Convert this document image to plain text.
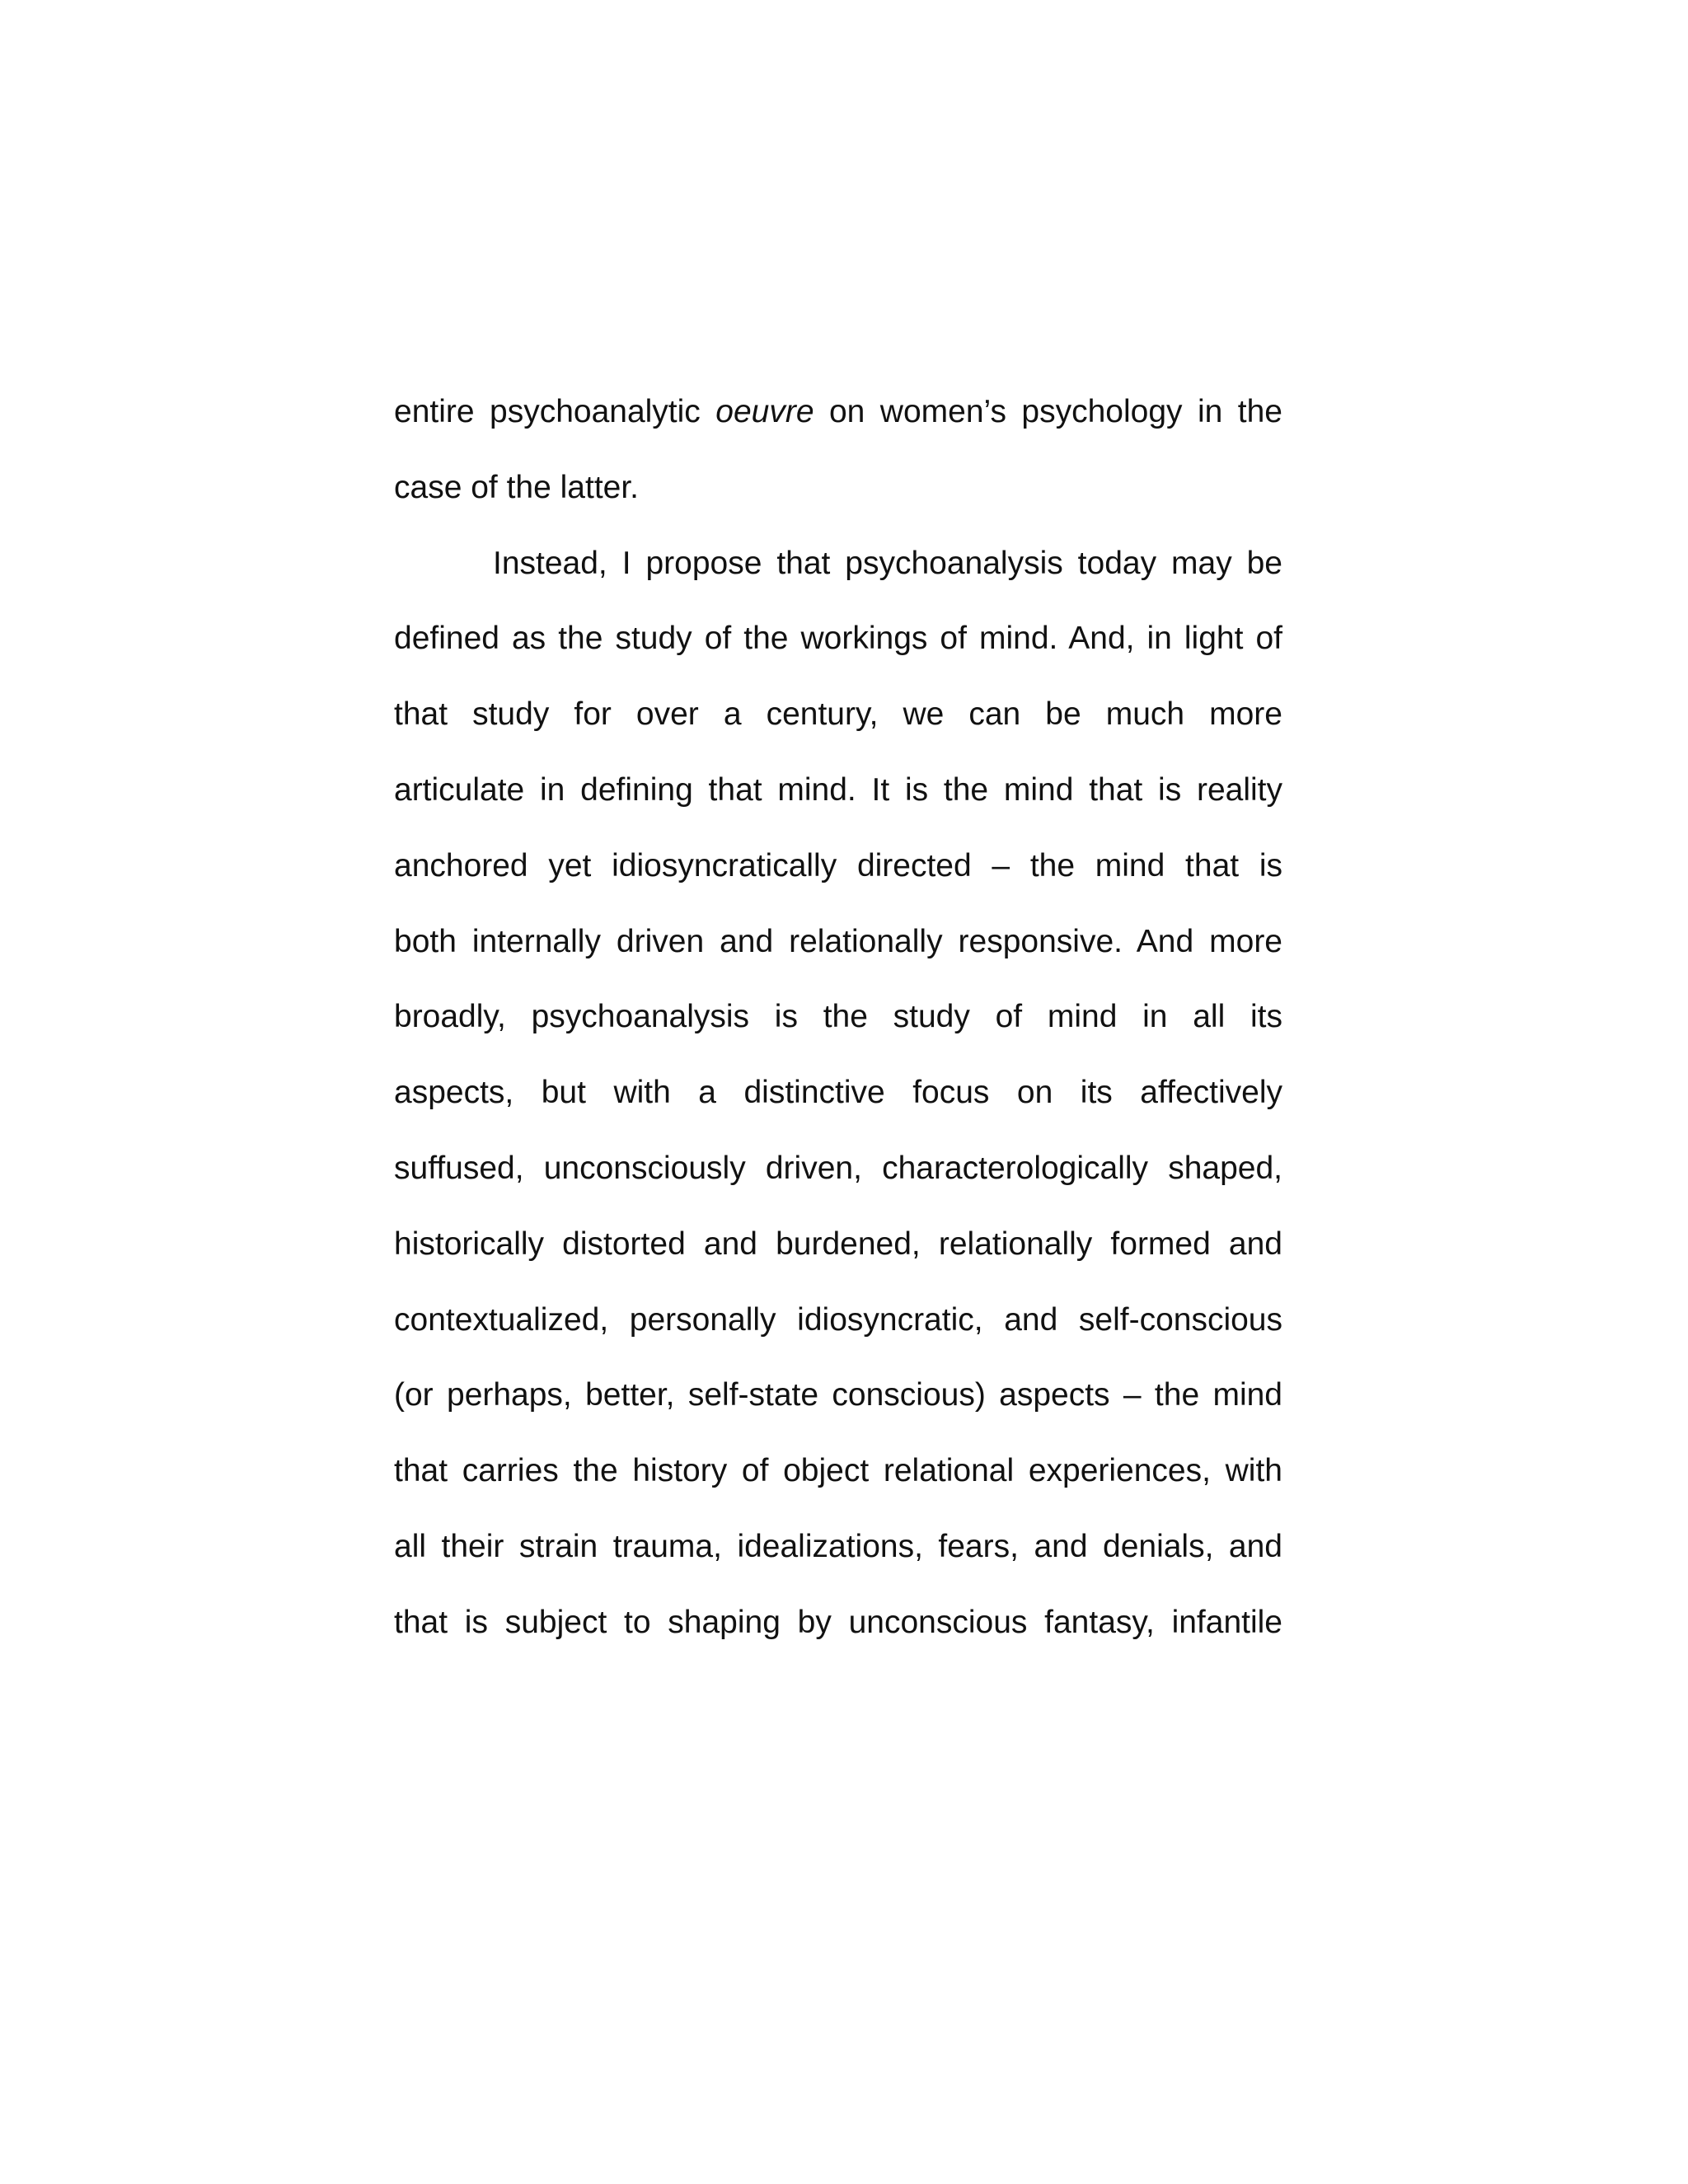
entire psychoanalytic oeuvre on women’s psychology in the
case of the latter.
Instead, I propose that psychoanalysis today may be
defined as the study of the workings of mind. And, in light of
that study for over a century, we can be much more
articulate in defining that mind. It is the mind that is reality
anchored yet idiosyncratically directed – the mind that is
both internally driven and relationally responsive. And more
broadly, psychoanalysis is the study of mind in all its
aspects, but with a distinctive focus on its affectively
suffused, unconsciously driven, characterologically shaped,
historically distorted and burdened, relationally formed and
contextualized, personally idiosyncratic, and self-conscious
(or perhaps, better, self-state conscious) aspects – the mind
that carries the history of object relational experiences, with
all their strain trauma, idealizations, fears, and denials, and
that is subject to shaping by unconscious fantasy, infantile
